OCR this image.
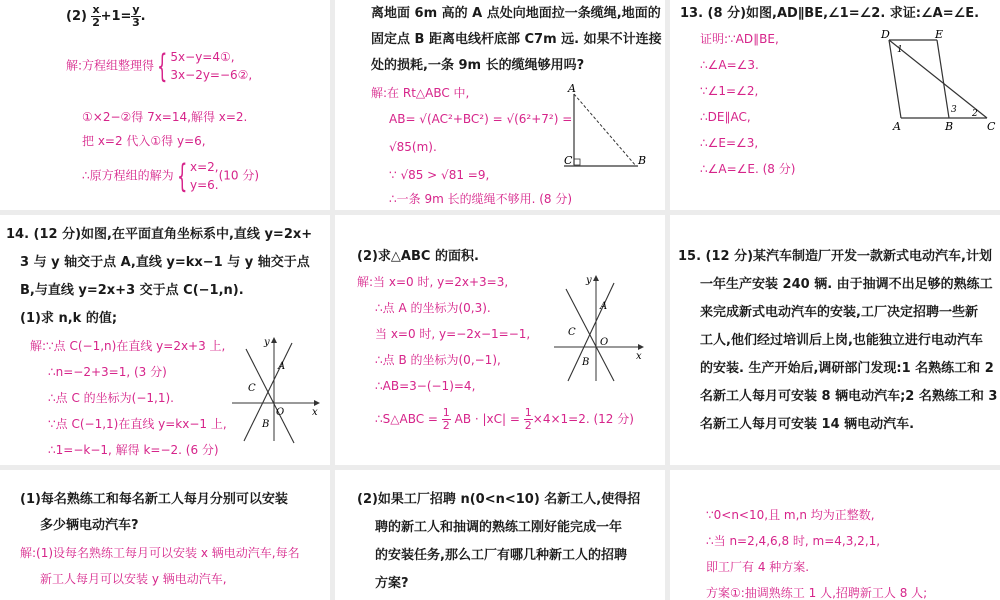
$(2) \frac{x}{2} +1= \frac{y}{3}$ .
解:方程组整理得{ 5x−y=4①,
3x−2y=−6②,
①×2−②得 7x=14,解得 x=2.
把 x=2 代入①得 y=6,
∴原方程组的解为{ x=2,
y=6.
(10 分)
离地面 6m 高的 A 点处向地面拉一条缆绳,地面的
固定点 B 距离电线杆底部 C7m 远. 如果不计连接
处的损耗,一条 9m 长的缆绳够用吗?
解:在 Rt△ABC 中,
AB= √(AC²+BC²) = √(6²+7²) =
√85(m).
∵ √85 > √81 =9,
∴一条 9m 长的缆绳不够用. (8 分)
A
C	B
13. (8 分)如图,AD∥BE,∠1=∠2. 求证:∠A=∠E.
证明:∵AD∥BE,
∴∠A=∠3.
∵∠1=∠2,
∴DE∥AC,
∴∠E=∠3,
∴∠A=∠E. (8 分)
D	E
A	B	C
1
2
3
14. (12 分)如图,在平面直角坐标系中,直线 y=2x+
3 与 y 轴交于点 A,直线 y=kx−1 与 y 轴交于点
B,与直线 y=2x+3 交于点 C(−1,n).
(1)求 n,k 的值;
解:∵点 C(−1,n)在直线 y=2x+3 上,
∴n=−2+3=1, (3 分)
∴点 C 的坐标为(−1,1).
∵点 C(−1,1)在直线 y=kx−1 上,
∴1=−k−1, 解得 k=−2. (6 分)
y
x
A
C
O
B
(2)求△ABC 的面积.
解:当 x=0 时, y=2x+3=3,
∴点 A 的坐标为(0,3).
当 x=0 时, y=−2x−1=−1,
∴点 B 的坐标为(0,−1),
∴AB=3−(−1)=4,
∴S△ABC = $\frac{1}{2}$ AB · $|xC| = \frac{1}{2} \times 4\times 1=2$. (12 分)
y
x
A
C
O
B
15. (12 分)某汽车制造厂开发一款新式电动汽车,计划
一年生产安装 240 辆. 由于抽调不出足够的熟练工
来完成新式电动汽车的安装,工厂决定招聘一些新
工人,他们经过培训后上岗,也能独立进行电动汽车
的安装. 生产开始后,调研部门发现:1 名熟练工和 2
名新工人每月可安装 8 辆电动汽车;2 名熟练工和 3
名新工人每月可安装 14 辆电动汽车.
(1)每名熟练工和每名新工人每月分别可以安装
多少辆电动汽车?
解:(1)设每名熟练工每月可以安装 x 辆电动汽车,每名
新工人每月可以安装 y 辆电动汽车,
(2)如果工厂招聘 n(0<n<10) 名新工人,使得招
聘的新工人和抽调的熟练工刚好能完成一年
的安装任务,那么工厂有哪几种新工人的招聘
方案?
∵0<n<10,且 m,n 均为正整数,
∴当 n=2,4,6,8 时, m=4,3,2,1,
即工厂有 4 种方案.
方案①:抽调熟练工 1 人,招聘新工人 8 人;
